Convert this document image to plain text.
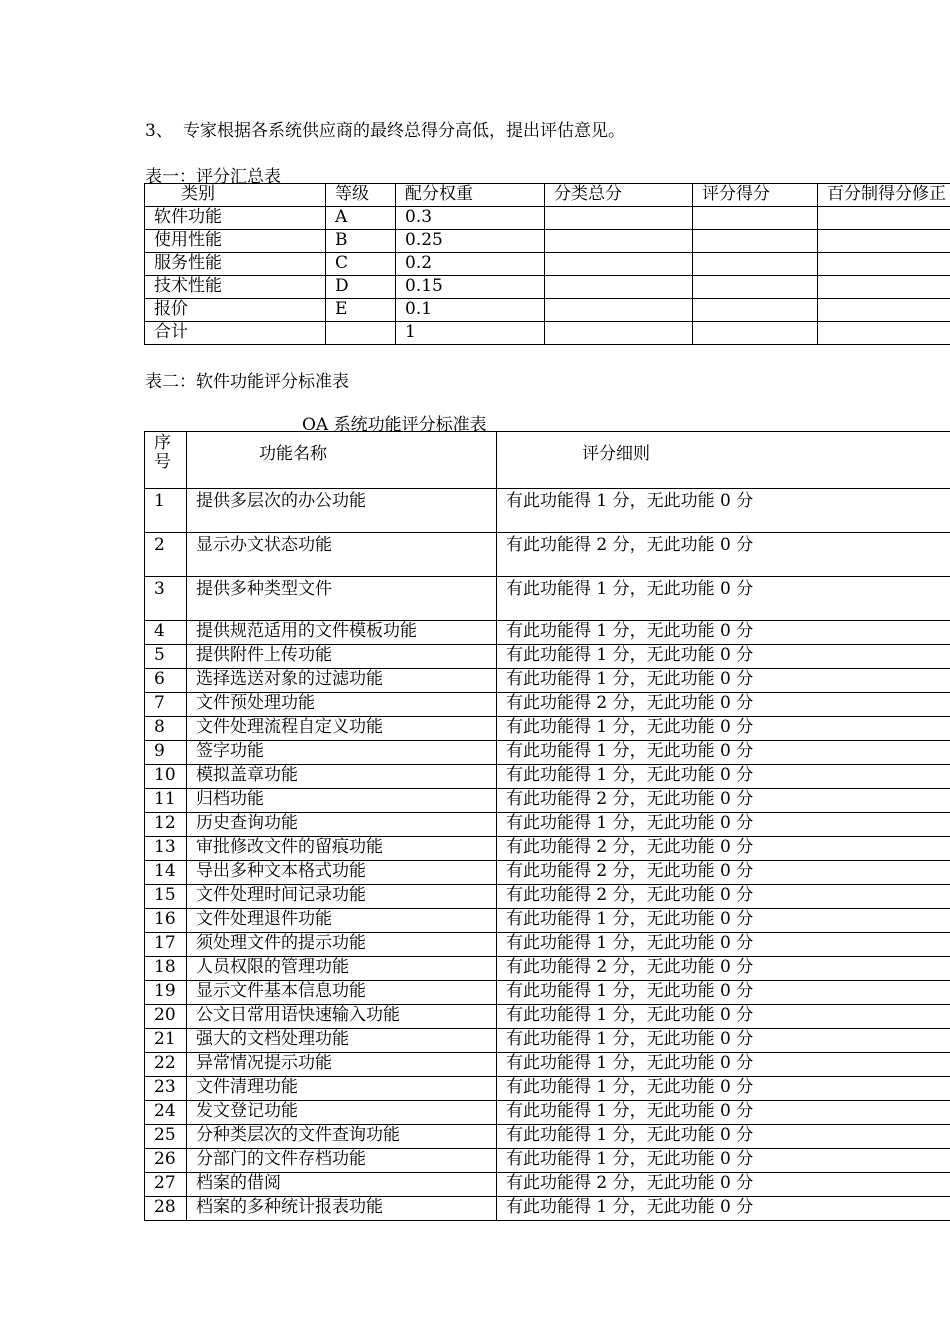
3、 专家根据各系统供应商的最终总得分高低，提出评估意见。
表一：评分汇总表
类别	等级	配分权重	分类总分	评分得分	百分制得分修正
软件功能	A	0.3			
使用性能	B	0.25			
服务性能	C	0.2			
技术性能	D	0.15			
报价	E	0.1			
合计		1			
表二：软件功能评分标准表
OA 系统功能评分标准表
序号	功能名称	评分细则
1	提供多层次的办公功能	有此功能得 1 分，无此功能 0 分
2	显示办文状态功能	有此功能得 2 分，无此功能 0 分
3	提供多种类型文件	有此功能得 1 分，无此功能 0 分
4	提供规范适用的文件模板功能	有此功能得 1 分，无此功能 0 分
5	提供附件上传功能	有此功能得 1 分，无此功能 0 分
6	选择选送对象的过滤功能	有此功能得 1 分，无此功能 0 分
7	文件预处理功能	有此功能得 2 分，无此功能 0 分
8	文件处理流程自定义功能	有此功能得 1 分，无此功能 0 分
9	签字功能	有此功能得 1 分，无此功能 0 分
10	模拟盖章功能	有此功能得 1 分，无此功能 0 分
11	归档功能	有此功能得 2 分，无此功能 0 分
12	历史查询功能	有此功能得 1 分，无此功能 0 分
13	审批修改文件的留痕功能	有此功能得 2 分，无此功能 0 分
14	导出多种文本格式功能	有此功能得 2 分，无此功能 0 分
15	文件处理时间记录功能	有此功能得 2 分，无此功能 0 分
16	文件处理退件功能	有此功能得 1 分，无此功能 0 分
17	须处理文件的提示功能	有此功能得 1 分，无此功能 0 分
18	人员权限的管理功能	有此功能得 2 分，无此功能 0 分
19	显示文件基本信息功能	有此功能得 1 分，无此功能 0 分
20	公文日常用语快速输入功能	有此功能得 1 分，无此功能 0 分
21	强大的文档处理功能	有此功能得 1 分，无此功能 0 分
22	异常情况提示功能	有此功能得 1 分，无此功能 0 分
23	文件清理功能	有此功能得 1 分，无此功能 0 分
24	发文登记功能	有此功能得 1 分，无此功能 0 分
25	分种类层次的文件查询功能	有此功能得 1 分，无此功能 0 分
26	分部门的文件存档功能	有此功能得 1 分，无此功能 0 分
27	档案的借阅	有此功能得 2 分，无此功能 0 分
28	档案的多种统计报表功能	有此功能得 1 分，无此功能 0 分
